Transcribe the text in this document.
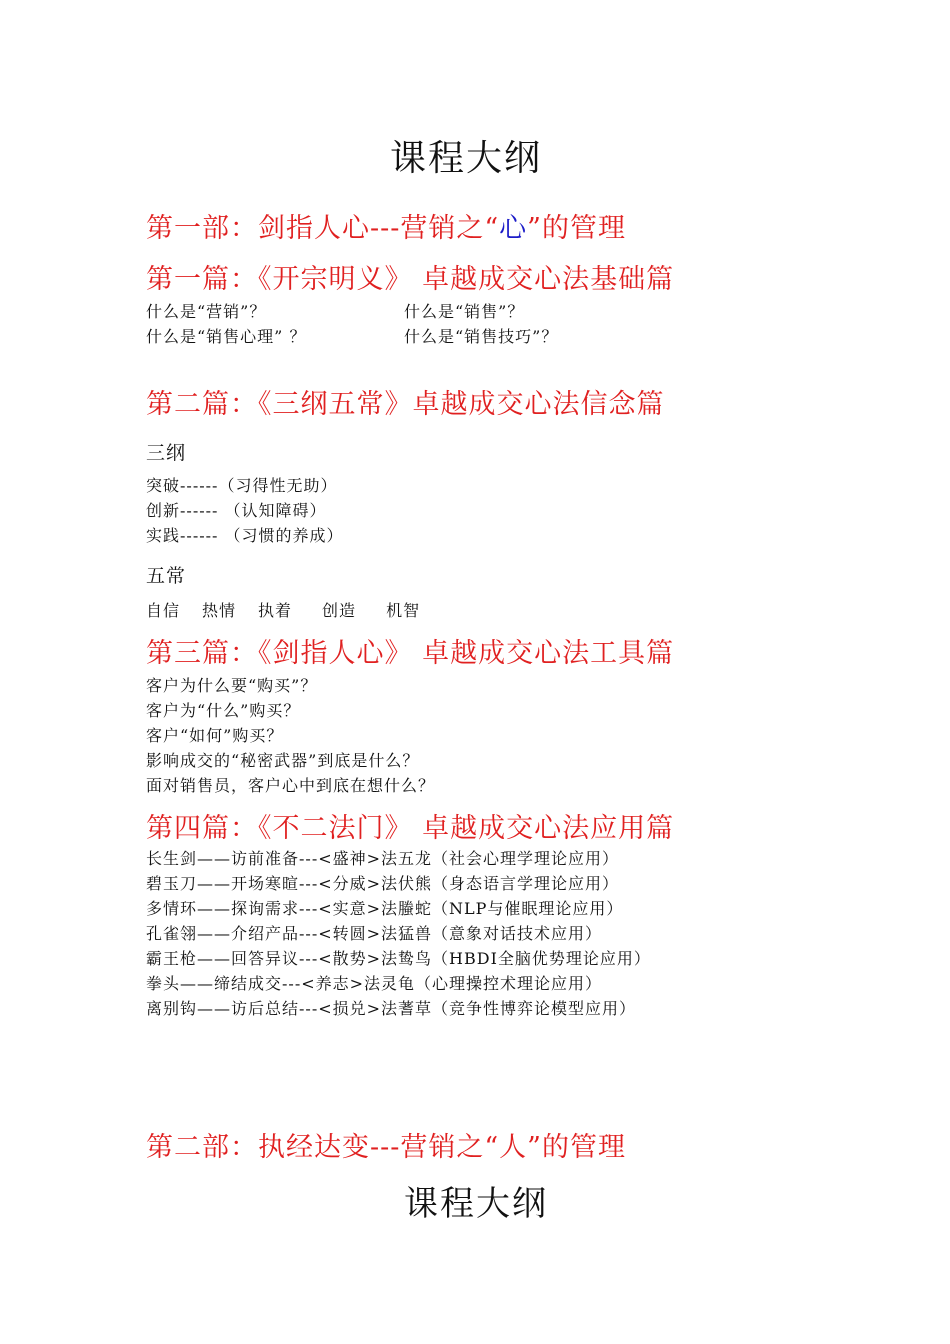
课程大纲
第一部：剑指人心---营销之“心”的管理
第一篇：《开宗明义》 卓越成交心法基础篇
什么是“营销”？	什么是“销售”？
什么是“销售心理” ？	什么是“销售技巧”？
第二篇：《三纲五常》卓越成交心法信念篇
三纲
突破------（习得性无助）
创新------ （认知障碍）
实践------ （习惯的养成）
五常
自信 热情 执着 创造 机智
第三篇：《剑指人心》 卓越成交心法工具篇
客户为什么要“购买”？
客户为“什么”购买？
客户“如何”购买？
影响成交的“秘密武器”到底是什么？
面对销售员，客户心中到底在想什么？
第四篇：《不二法门》 卓越成交心法应用篇
长生剑——访前准备---<盛神>法五龙（社会心理学理论应用）
碧玉刀——开场寒暄---<分威>法伏熊（身态语言学理论应用）
多情环——探询需求---<实意>法螣蛇（NLP与催眠理论应用）
孔雀翎——介绍产品---<转圆>法猛兽（意象对话技术应用）
霸王枪——回答异议---<散势>法鸷鸟（HBDI全脑优势理论应用）
拳头——缔结成交---<养志>法灵龟（心理操控术理论应用）
离别钩——访后总结---<损兑>法蓍草（竞争性博弈论模型应用）
第二部：执经达变---营销之“人”的管理
课程大纲
